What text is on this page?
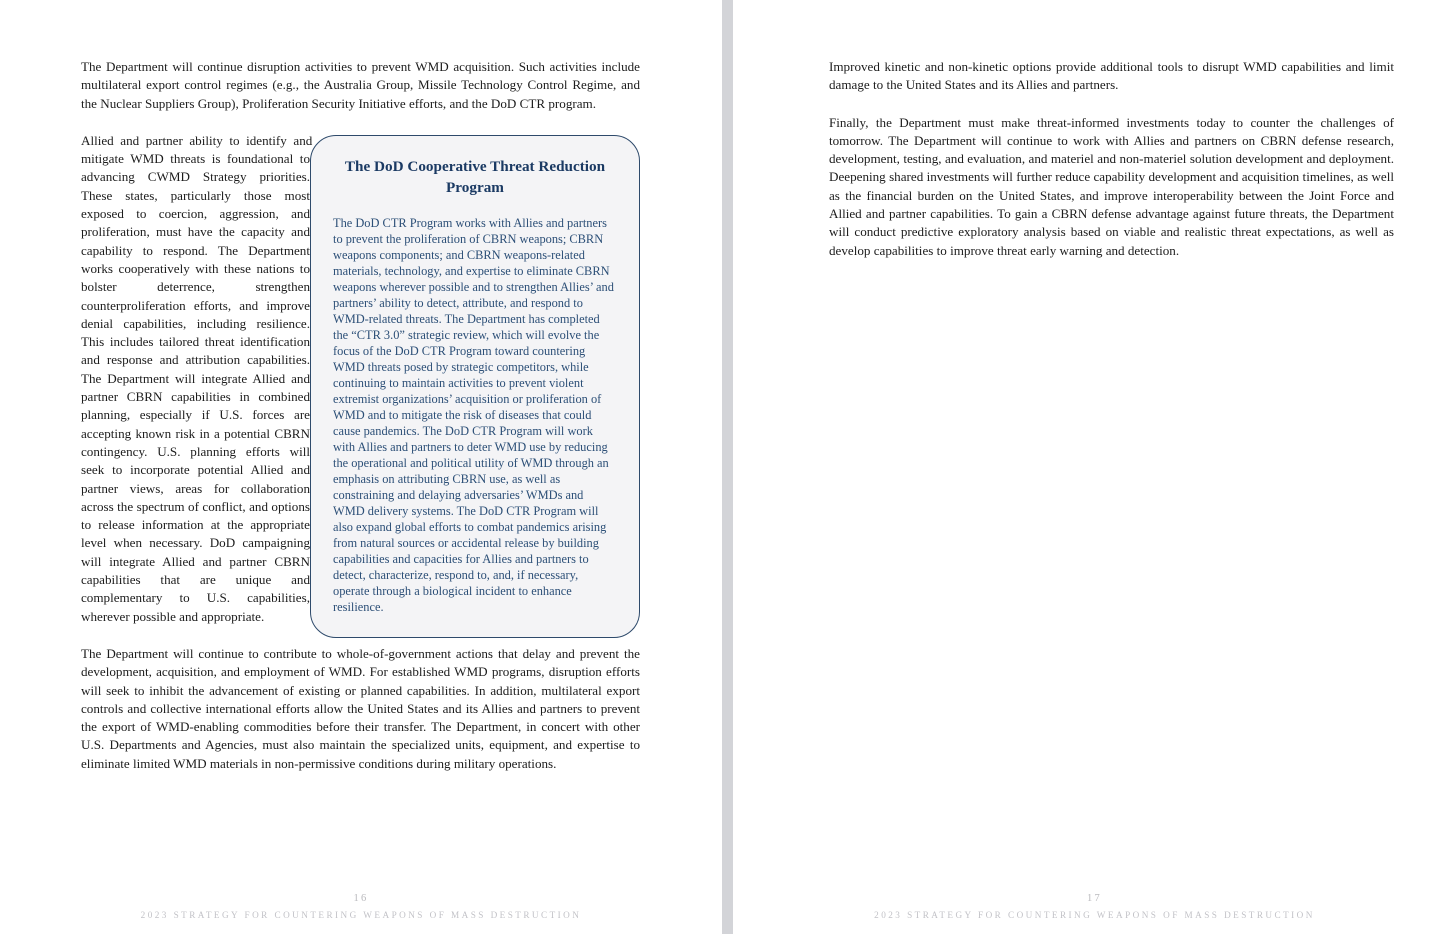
The Department will continue disruption activities to prevent WMD acquisition. Such activities include multilateral export control regimes (e.g., the Australia Group, Missile Technology Control Regime, and the Nuclear Suppliers Group), Proliferation Security Initiative efforts, and the DoD CTR program.

The DoD Cooperative Threat Reduction Program
The DoD CTR Program works with Allies and partners to prevent the proliferation of CBRN weapons; CBRN weapons components; and CBRN weapons-related materials, technology, and expertise to eliminate CBRN weapons wherever possible and to strengthen Allies’ and partners’ ability to detect, attribute, and respond to WMD-related threats. The Department has completed the “CTR 3.0” strategic review, which will evolve the focus of the DoD CTR Program toward countering WMD threats posed by strategic competitors, while continuing to maintain activities to prevent violent extremist organizations’ acquisition or proliferation of WMD and to mitigate the risk of diseases that could cause pandemics. The DoD CTR Program will work with Allies and partners to deter WMD use by reducing the operational and political utility of WMD through an emphasis on attributing CBRN use, as well as constraining and delaying adversaries’ WMDs and WMD delivery systems. The DoD CTR Program will also expand global efforts to combat pandemics arising from natural sources or accidental release by building capabilities and capacities for Allies and partners to detect, characterize, respond to, and, if necessary, operate through a biological incident to enhance resilience.

Allied and partner ability to identify and mitigate WMD threats is foundational to advancing CWMD Strategy priorities. These states, particularly those most exposed to coercion, aggression, and proliferation, must have the capacity and capability to respond. The Department works cooperatively with these nations to bolster deterrence, strengthen counterproliferation efforts, and improve denial capabilities, including resilience. This includes tailored threat identification and response and attribution capabilities. The Department will integrate Allied and partner CBRN capabilities in combined planning, especially if U.S. forces are accepting known risk in a potential CBRN contingency. U.S. planning efforts will seek to incorporate potential Allied and partner views, areas for collaboration across the spectrum of conflict, and options to release information at the appropriate level when necessary. DoD campaigning will integrate Allied and partner CBRN capabilities that are unique and complementary to U.S. capabilities, wherever possible and appropriate.

The Department will continue to contribute to whole-of-government actions that delay and prevent the development, acquisition, and employment of WMD. For established WMD programs, disruption efforts will seek to inhibit the advancement of existing or planned capabilities. In addition, multilateral export controls and collective international efforts allow the United States and its Allies and partners to prevent the export of WMD-enabling commodities before their transfer. The Department, in concert with other U.S. Departments and Agencies, must also maintain the specialized units, equipment, and expertise to eliminate limited WMD materials in non-permissive conditions during military operations.

16
2023 STRATEGY FOR COUNTERING WEAPONS OF MASS DESTRUCTION

Improved kinetic and non-kinetic options provide additional tools to disrupt WMD capabilities and limit damage to the United States and its Allies and partners.

Finally, the Department must make threat-informed investments today to counter the challenges of tomorrow. The Department will continue to work with Allies and partners on CBRN defense research, development, testing, and evaluation, and materiel and non-materiel solution development and deployment. Deepening shared investments will further reduce capability development and acquisition timelines, as well as the financial burden on the United States, and improve interoperability between the Joint Force and Allied and partner capabilities. To gain a CBRN defense advantage against future threats, the Department will conduct predictive exploratory analysis based on viable and realistic threat expectations, as well as develop capabilities to improve threat early warning and detection.

17
2023 STRATEGY FOR COUNTERING WEAPONS OF MASS DESTRUCTION
